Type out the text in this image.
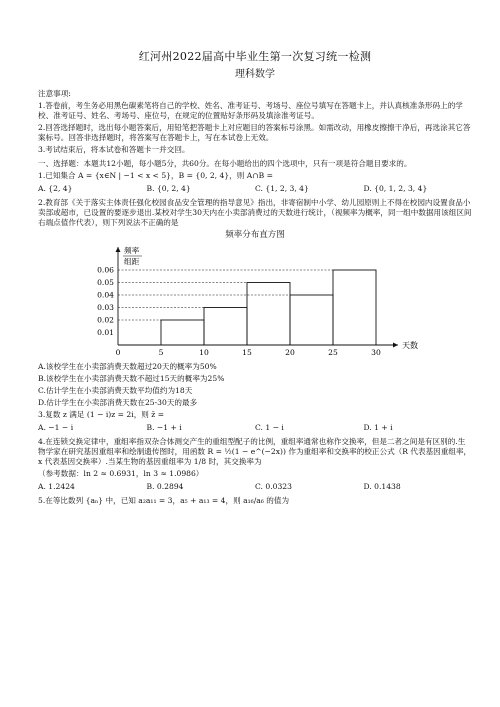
红河州2022届高中毕业生第一次复习统一检测
理科数学
注意事项:
1.答卷前，考生务必用黑色碳素笔将自己的学校、姓名、准考证号、考场号、座位号填写在答题卡上，并认真核准条形码上的学校、准考证号、姓名、考场号、座位号，在规定的位置贴好条形码及填涂准考证号。
2.回答选择题时，选出每小题答案后，用铅笔把答题卡上对应题目的答案标号涂黑。如需改动，用橡皮擦擦干净后，再选涂其它答案标号。回答非选择题时，将答案写在答题卡上，写在本试卷上无效。
3.考试结束后，将本试卷和答题卡一并交回。
一、选择题：本题共12小题，每小题5分，共60分。在每小题给出的四个选项中，只有一项是符合题目要求的。
1.已知集合 A = {x∈N | −1 < x < 5}，B = {0, 2, 4}，则 A∩B =
A. {2, 4}	B. {0, 2, 4}	C. {1, 2, 3, 4}	D. {0, 1, 2, 3, 4}
2.教育部《关于落实主体责任强化校园食品安全管理的指导意见》指出，非寄宿制中小学、幼儿园原则上不得在校园内设置食品小卖部或超市，已设置的要逐步退出.某校对学生30天内在小卖部消费过的天数进行统计，（视频率为概率，同一组中数据用该组区间右端点值作代表），则下列说法不正确的是
频率分布直方图
频率
组距
天数
0.01
0.02
0.03
0.04
0.05
0.06
0	5	10	15	20	25	30
A.该校学生在小卖部消费天数超过20天的概率为50%
B.该校学生在小卖部消费天数不超过15天的概率为25%
C.估计学生在小卖部消费天数平均值约为18天
D.估计学生在小卖部消费天数在25-30天的最多
3.复数 z 满足 (1 − i)z = 2i，则 z̄ =
A. −1 − i	B. −1 + i	C. 1 − i	D. 1 + i
4.在连锁交换定律中，重组率指双杂合体测交产生的重组型配子的比例，重组率通常也称作交换率，但是二者之间是有区别的.生物学家在研究基因重组率和绘制遗传图时，用函数 R = ½(1 − e^(−2x)) 作为重组率和交换率的校正公式（R 代表基因重组率，x 代表基因交换率）.当某生物的基因重组率为 1/8 时，其交换率为
（参考数据：ln 2 ≈ 0.6931，ln 3 ≈ 1.0986）
A. 1.2424	B. 0.2894	C. 0.0323	D. 0.1438
5.在等比数列 {aₙ} 中，已知 a₂a₁₁ = 3，a₅ + a₁₃ = 4，则 a₁₆/a₆ 的值为
